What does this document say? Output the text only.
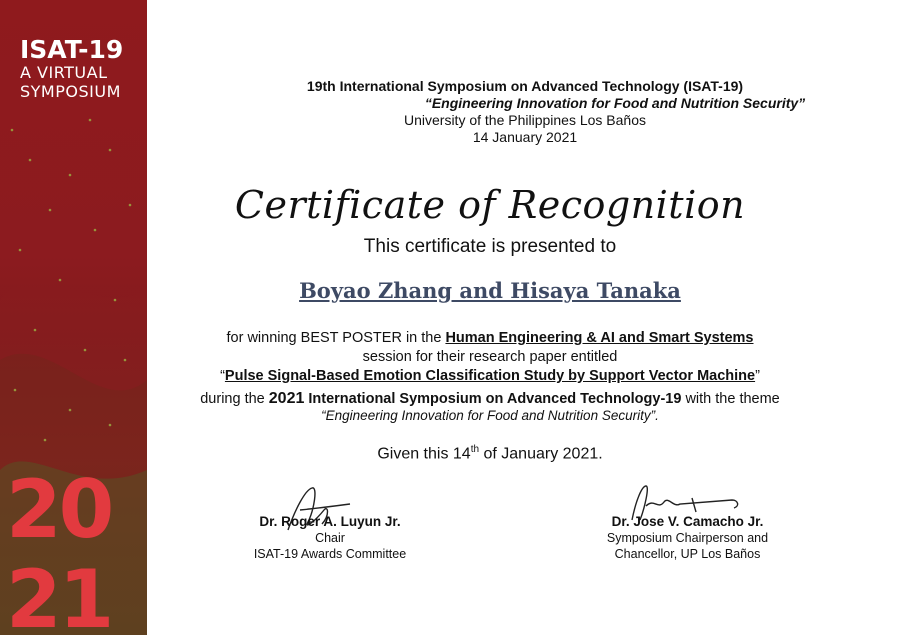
ISAT-19
A VIRTUAL
SYMPOSIUM
20
21
19th International Symposium on Advanced Technology (ISAT-19)
“Engineering Innovation for Food and Nutrition Security”
University of the Philippines Los Baños
14 January 2021
Certificate of Recognition
This certificate is presented to
Boyao Zhang and Hisaya Tanaka
for winning BEST POSTER in the Human Engineering & AI and Smart Systems
session for their research paper entitled
“Pulse Signal-Based Emotion Classification Study by Support Vector Machine”
during the 2021 International Symposium on Advanced Technology-19 with the theme
“Engineering Innovation for Food and Nutrition Security”.
Given this 14th of January 2021.
Dr. Roger A. Luyun Jr.
Chair
ISAT-19 Awards Committee
Dr. Jose V. Camacho Jr.
Symposium Chairperson and
Chancellor, UP Los Baños
